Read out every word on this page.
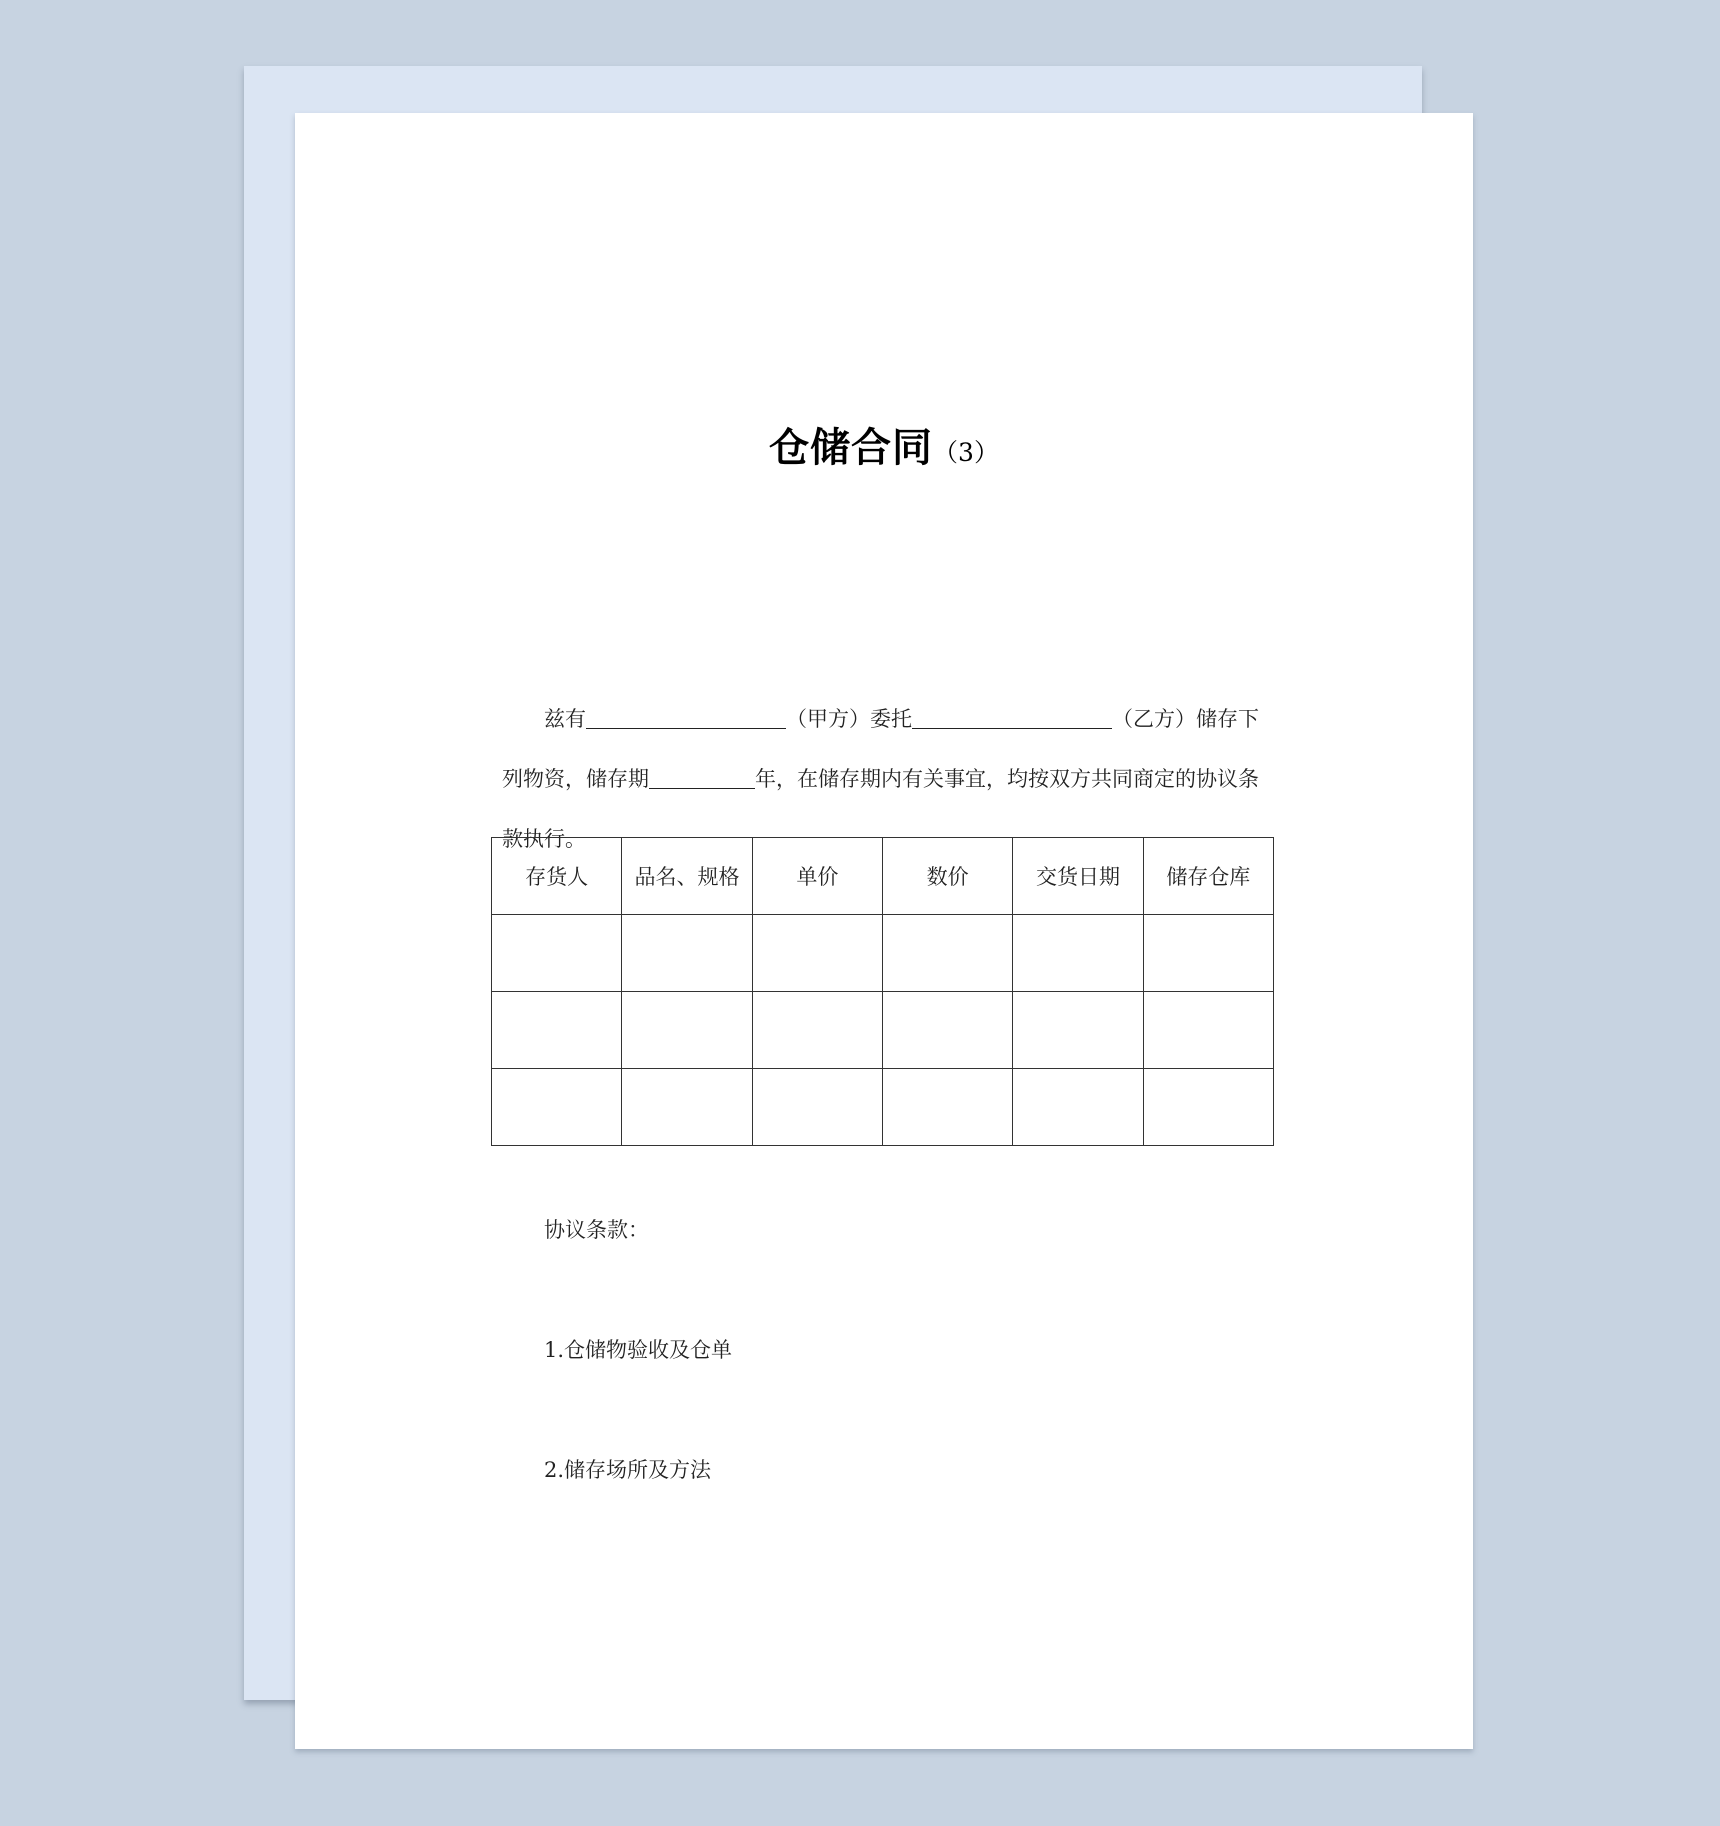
仓储合同（3）
兹有	（甲方）委托	（乙方）储存下
列物资，储存期	年，在储存期内有关事宜，均按双方共同商定的协议条
款执行。
存货人	品名、规格	单价	数价	交货日期	储存仓库

协议条款：
1.仓储物验收及仓单
2.储存场所及方法
